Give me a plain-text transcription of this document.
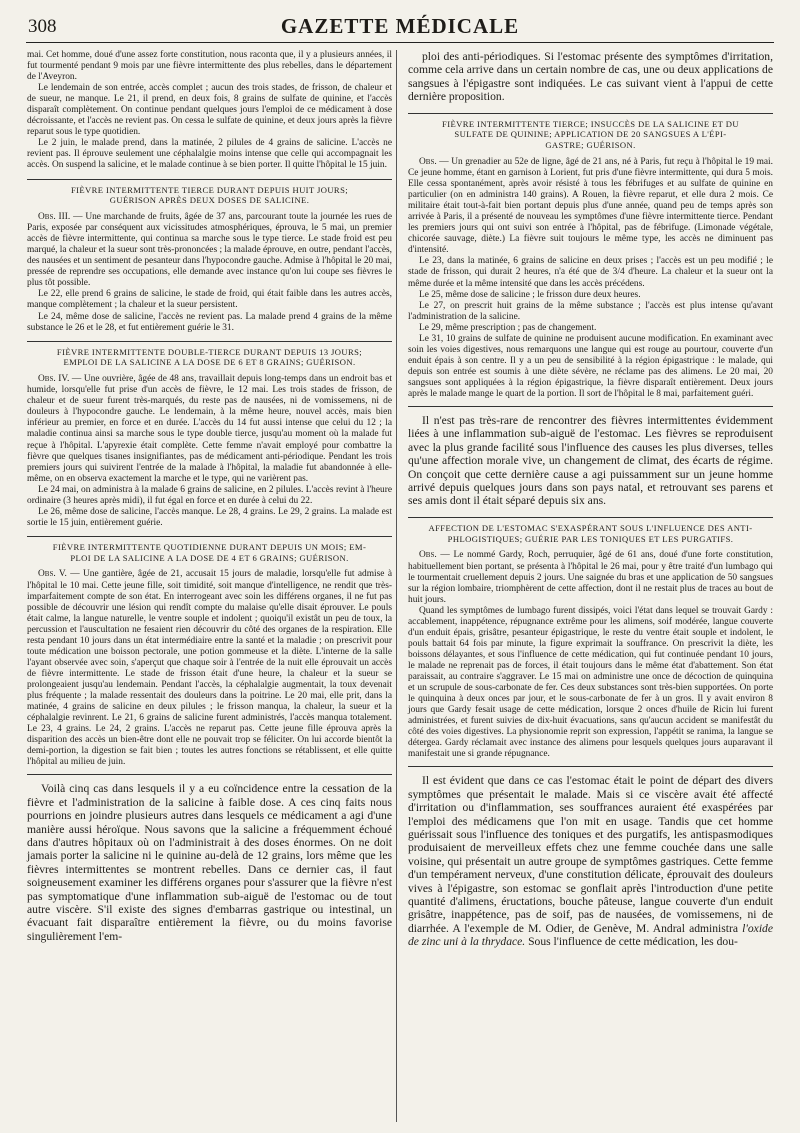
308	GAZETTE MÉDICALE

mai. Cet homme, doué d'une assez forte constitution, nous raconta que, il y a plusieurs années, il fut tourmenté pendant 9 mois par une fièvre intermittente des plus rebelles, dans le département de l'Aveyron.

Le lendemain de son entrée, accès complet ; aucun des trois stades, de frisson, de chaleur et de sueur, ne manque. Le 21, il prend, en deux fois, 8 grains de sulfate de quinine, et l'accès disparaît complètement. On continue pendant quelques jours l'emploi de ce médicament à dose décroissante, et l'accès ne revient pas. On cessa le sulfate de quinine, et deux jours après la fièvre reparut sous le type quotidien.

Le 2 juin, le malade prend, dans la matinée, 2 pilules de 4 grains de salicine. L'accès ne revient pas. Il éprouve seulement une céphalalgie moins intense que celle qui accompagnait les accès. On suspend la salicine, et le malade continue à se bien porter. Il quitte l'hôpital le 15 juin.

FIÈVRE INTERMITTENTE TIERCE DURANT DEPUIS HUIT JOURS;
GUÉRISON APRÈS DEUX DOSES DE SALICINE.

Obs. III. — Une marchande de fruits, âgée de 37 ans, parcourant toute la journée les rues de Paris, exposée par conséquent aux vicissitudes atmosphériques, éprouva, le 5 mai, un premier accès de fièvre intermittente, qui continua sa marche sous le type tierce. Le stade froid est peu marqué, la chaleur et la sueur sont très-prononcées ; la malade éprouve, en outre, pendant l'accès, des nausées et un sentiment de pesanteur dans l'hypocondre gauche. Admise à l'hôpital le 20 mai, pressée de reprendre ses occupations, elle demande avec instance qu'on lui coupe ses fièvres le plus tôt possible.

Le 22, elle prend 6 grains de salicine, le stade de froid, qui était faible dans les autres accès, manque complètement ; la chaleur et la sueur persistent.

Le 24, même dose de salicine, l'accès ne revient pas. La malade prend 4 grains de la même substance le 26 et le 28, et fut entièrement guérie le 31.

FIÈVRE INTERMITTENTE DOUBLE-TIERCE DURANT DEPUIS 13 JOURS;
EMPLOI DE LA SALICINE A LA DOSE DE 6 ET 8 GRAINS; GUÉRISON.

Obs. IV. — Une ouvrière, âgée de 48 ans, travaillait depuis long-temps dans un endroit bas et humide, lorsqu'elle fut prise d'un accès de fièvre, le 12 mai. Les trois stades de frisson, de chaleur et de sueur furent très-marqués, du reste pas de nausées, ni de vomissemens, ni de douleurs à l'hypocondre gauche. Le lendemain, à la même heure, nouvel accès, mais bien inférieur au premier, en force et en durée. L'accès du 14 fut aussi intense que celui du 12 ; la maladie continua ainsi sa marche sous le type double tierce, jusqu'au moment où la malade fut reçue à l'hôpital. L'apyrexie était complète. Cette femme n'avait employé pour combattre la fièvre que quelques tisanes insignifiantes, pas de médicament anti-périodique. Pendant les trois premiers jours qui suivirent l'entrée de la malade à l'hôpital, la maladie fut abandonnée à elle-même, on en observa exactement la marche et le type, qui ne varièrent pas.

Le 24 mai, on administra à la malade 6 grains de salicine, en 2 pilules. L'accès revint à l'heure ordinaire (3 heures après midi), il fut égal en force et en durée à celui du 22.

Le 26, même dose de salicine, l'accès manque. Le 28, 4 grains. Le 29, 2 grains. La malade est sortie le 15 juin, entièrement guérie.

FIÈVRE INTERMITTENTE QUOTIDIENNE DURANT DEPUIS UN MOIS; EM-
PLOI DE LA SALICINE A LA DOSE DE 4 ET 6 GRAINS; GUÉRISON.

Obs. V. — Une gantière, âgée de 21, accusait 15 jours de maladie, lorsqu'elle fut admise à l'hôpital le 10 mai. Cette jeune fille, soit timidité, soit manque d'intelligence, ne rendit que très-imparfaitement compte de son état. En interrogeant avec soin les différens organes, il ne fut pas possible de découvrir une lésion qui rendît compte du malaise qu'elle disait éprouver. Le pouls était calme, la langue naturelle, le ventre souple et indolent ; quoiqu'il existât un peu de toux, la percussion et l'auscultation ne fesaient rien découvrir du côté des organes de la respiration. Elle resta pendant 10 jours dans un état intermédiaire entre la santé et la maladie ; on prescrivit pour toute médication une boisson pectorale, une potion gommeuse et la diète. L'interne de la salle l'ayant observée avec soin, s'aperçut que chaque soir à l'entrée de la nuit elle éprouvait un accès de fièvre intermittente. Le stade de frisson était d'une heure, la chaleur et la sueur se prolongeaient jusqu'au lendemain. Pendant l'accès, la céphalalgie augmentait, la toux devenait plus fréquente ; la malade ressentait des douleurs dans la poitrine. Le 20 mai, elle prit, dans la matinée, 4 grains de salicine en deux pilules ; le frisson manqua, la chaleur, la sueur et la céphalalgie revinrent. Le 21, 6 grains de salicine furent administrés, l'accès manqua totalement. Le 23, 4 grains. Le 24, 2 grains. L'accès ne reparut pas. Cette jeune fille éprouva après la disparition des accès un bien-être dont elle ne pouvait trop se féliciter. On lui accorde bientôt la demi-portion, la digestion se fait bien ; toutes les autres fonctions se rétablissent, et elle quitte l'hôpital au milieu de juin.

Voilà cinq cas dans lesquels il y a eu coïncidence entre la cessation de la fièvre et l'administration de la salicine à faible dose. A ces cinq faits nous pourrions en joindre plusieurs autres dans lesquels ce médicament a agi d'une manière aussi héroïque. Nous savons que la salicine a fréquemment échoué dans d'autres hôpitaux où on l'administrait à des doses énormes. On ne doit jamais porter la salicine ni le quinine au-delà de 12 grains, lors même que les fièvres intermittentes se montrent rebelles. Dans ce dernier cas, il faut soigneusement examiner les différens organes pour s'assurer que la fièvre n'est pas symptomatique d'une inflammation sub-aiguë de l'estomac ou de tout autre viscère. S'il existe des signes d'embarras gastrique ou intestinal, un évacuant fait disparaître entièrement la fièvre, ou du moins favorise singulièrement l'em-

ploi des anti-périodiques. Si l'estomac présente des symptômes d'irritation, comme cela arrive dans un certain nombre de cas, une ou deux applications de sangsues à l'épigastre sont indiquées. Le cas suivant vient à l'appui de cette dernière proposition.

FIÈVRE INTERMITTENTE TIERCE; INSUCCÈS DE LA SALICINE ET DU
SULFATE DE QUININE; APPLICATION DE 20 SANGSUES A L'ÉPI-
GASTRE; GUÉRISON.

Obs. — Un grenadier au 52e de ligne, âgé de 21 ans, né à Paris, fut reçu à l'hôpital le 19 mai. Ce jeune homme, étant en garnison à Lorient, fut pris d'une fièvre intermittente, qui dura 5 mois. Elle cessa spontanément, après avoir résisté à tous les fébrifuges et au sulfate de quinine en particulier (on en administra 140 grains). A Rouen, la fièvre reparut, et elle dura 2 mois. Ce militaire était tout-à-fait bien portant depuis plus d'une année, quand peu de temps après son arrivée à Paris, il a présenté de nouveau les symptômes d'une fièvre intermittente tierce. Pendant les premiers jours qui ont suivi son entrée à l'hôpital, pas de fébrifuge. (Limonade végétale, chicorée sauvage, diète.) La fièvre suit toujours le même type, les accès ne diminuent pas d'intensité.

Le 23, dans la matinée, 6 grains de salicine en deux prises ; l'accès est un peu modifié ; le stade de frisson, qui durait 2 heures, n'a été que de 3/4 d'heure. La chaleur et la sueur ont la même durée et la même intensité que dans les accès précédens.

Le 25, même dose de salicine ; le frisson dure deux heures.

Le 27, on prescrit huit grains de la même substance ; l'accès est plus intense qu'avant l'administration de la salicine.

Le 29, même prescription ; pas de changement.

Le 31, 10 grains de sulfate de quinine ne produisent aucune modification. En examinant avec soin les voies digestives, nous remarquons une langue qui est rouge au pourtour, couverte d'un enduit épais à son centre. Il y a un peu de sensibilité à la région épigastrique : le malade, qui depuis son entrée est soumis à une diète sévère, ne réclame pas des alimens. Le 20 mai, 20 sangsues sont appliquées à la région épigastrique, la fièvre disparaît entièrement. Deux jours après le malade mange le quart de la portion. Il sort de l'hôpital le 8 mai, parfaitement guéri.

Il n'est pas très-rare de rencontrer des fièvres intermittentes évidemment liées à une inflammation sub-aiguë de l'estomac. Les fièvres se reproduisent avec la plus grande facilité sous l'influence des causes les plus diverses, telles qu'une affection morale vive, un changement de climat, des écarts de régime. On conçoit que cette dernière cause a agi puissamment sur un jeune homme arrivé depuis quelques jours dans son pays natal, et retrouvant ses parens et ses amis dont il était séparé depuis six ans.

AFFECTION DE L'ESTOMAC S'EXASPÉRANT SOUS L'INFLUENCE DES ANTI-
PHLOGISTIQUES; GUÉRIE PAR LES TONIQUES ET LES PURGATIFS.

Obs. — Le nommé Gardy, Roch, perruquier, âgé de 61 ans, doué d'une forte constitution, habituellement bien portant, se présenta à l'hôpital le 26 mai, pour y être traité d'un lumbago qui le tourmentait cruellement depuis 2 jours. Une saignée du bras et une application de 50 sangsues sur la région lombaire, triomphèrent de cette affection, dont il ne restait plus de traces au bout de huit jours.

Quand les symptômes de lumbago furent dissipés, voici l'état dans lequel se trouvait Gardy : accablement, inappétence, répugnance extrême pour les alimens, soif modérée, langue couverte d'un enduit épais, grisâtre, pesanteur épigastrique, le reste du ventre était souple et indolent, le pouls battait 64 fois par minute, la figure exprimait la souffrance. On prescrivit la diète, les boissons délayantes, et sous l'influence de cette médication, qui fut continuée pendant 10 jours, le malade ne reprenait pas de forces, il était toujours dans le même état d'abattement. Son état paraissait, au contraire s'aggraver. Le 15 mai on administre une once de décoction de quinquina et un scrupule de sous-carbonate de fer. Ces deux substances sont très-bien supportées. On porte le quinquina à deux onces par jour, et le sous-carbonate de fer à un gros. Il y avait environ 8 jours que Gardy fesait usage de cette médication, lorsque 2 onces d'huile de Ricin lui furent administrées, et furent suivies de dix-huit évacuations, sans qu'aucun accident se manifestât du côté des voies digestives. La physionomie reprit son expression, l'appétit se ranima, la langue se détergea. Gardy réclamait avec instance des alimens pour lesquels quelques jours auparavant il manifestait une si grande répugnance.

Il est évident que dans ce cas l'estomac était le point de départ des divers symptômes que présentait le malade. Mais si ce viscère avait été affecté d'irritation ou d'inflammation, ses souffrances auraient été exaspérées par l'emploi des médicamens que l'on mit en usage. Tandis que cet homme guérissait sous l'influence des toniques et des purgatifs, les antispasmodiques produisaient de merveilleux effets chez une femme couchée dans une salle voisine, qui présentait un autre groupe de symptômes gastriques. Cette femme d'un tempérament nerveux, d'une constitution délicate, éprouvait des douleurs vives à l'épigastre, son estomac se gonflait après l'introduction d'une petite quantité d'alimens, éructations, bouche pâteuse, langue couverte d'un enduit grisâtre, inappétence, pas de soif, pas de nausées, de vomissemens, ni de diarrhée. A l'exemple de M. Odier, de Genève, M. Andral administra l'oxide de zinc uni à la thrydace. Sous l'influence de cette médication, les dou-
